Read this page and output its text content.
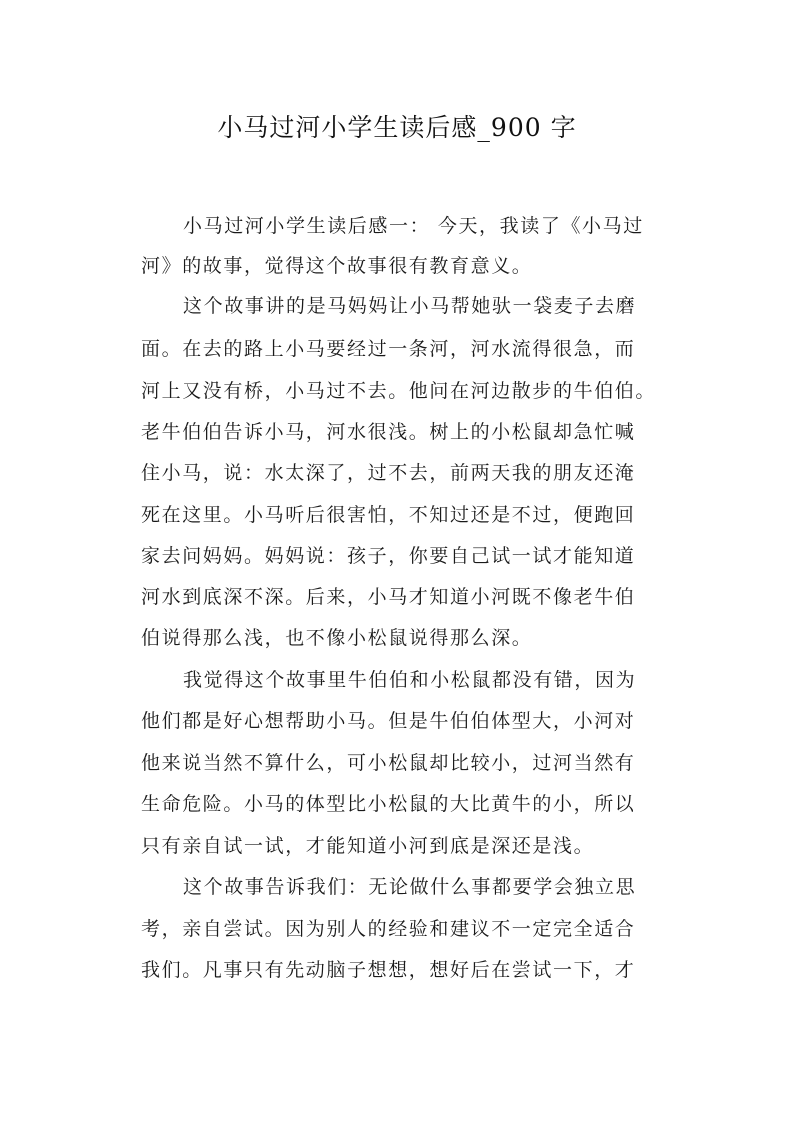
小马过河小学生读后感_900 字
小马过河小学生读后感一： 今天，我读了《小马过
河》的故事，觉得这个故事很有教育意义。
这个故事讲的是马妈妈让小马帮她驮一袋麦子去磨
面。在去的路上小马要经过一条河，河水流得很急，而
河上又没有桥，小马过不去。他问在河边散步的牛伯伯。
老牛伯伯告诉小马，河水很浅。树上的小松鼠却急忙喊
住小马，说：水太深了，过不去，前两天我的朋友还淹
死在这里。小马听后很害怕，不知过还是不过，便跑回
家去问妈妈。妈妈说：孩子，你要自己试一试才能知道
河水到底深不深。后来，小马才知道小河既不像老牛伯
伯说得那么浅，也不像小松鼠说得那么深。
我觉得这个故事里牛伯伯和小松鼠都没有错，因为
他们都是好心想帮助小马。但是牛伯伯体型大，小河对
他来说当然不算什么，可小松鼠却比较小，过河当然有
生命危险。小马的体型比小松鼠的大比黄牛的小，所以
只有亲自试一试，才能知道小河到底是深还是浅。
这个故事告诉我们：无论做什么事都要学会独立思
考，亲自尝试。因为别人的经验和建议不一定完全适合
我们。凡事只有先动脑子想想，想好后在尝试一下，才
